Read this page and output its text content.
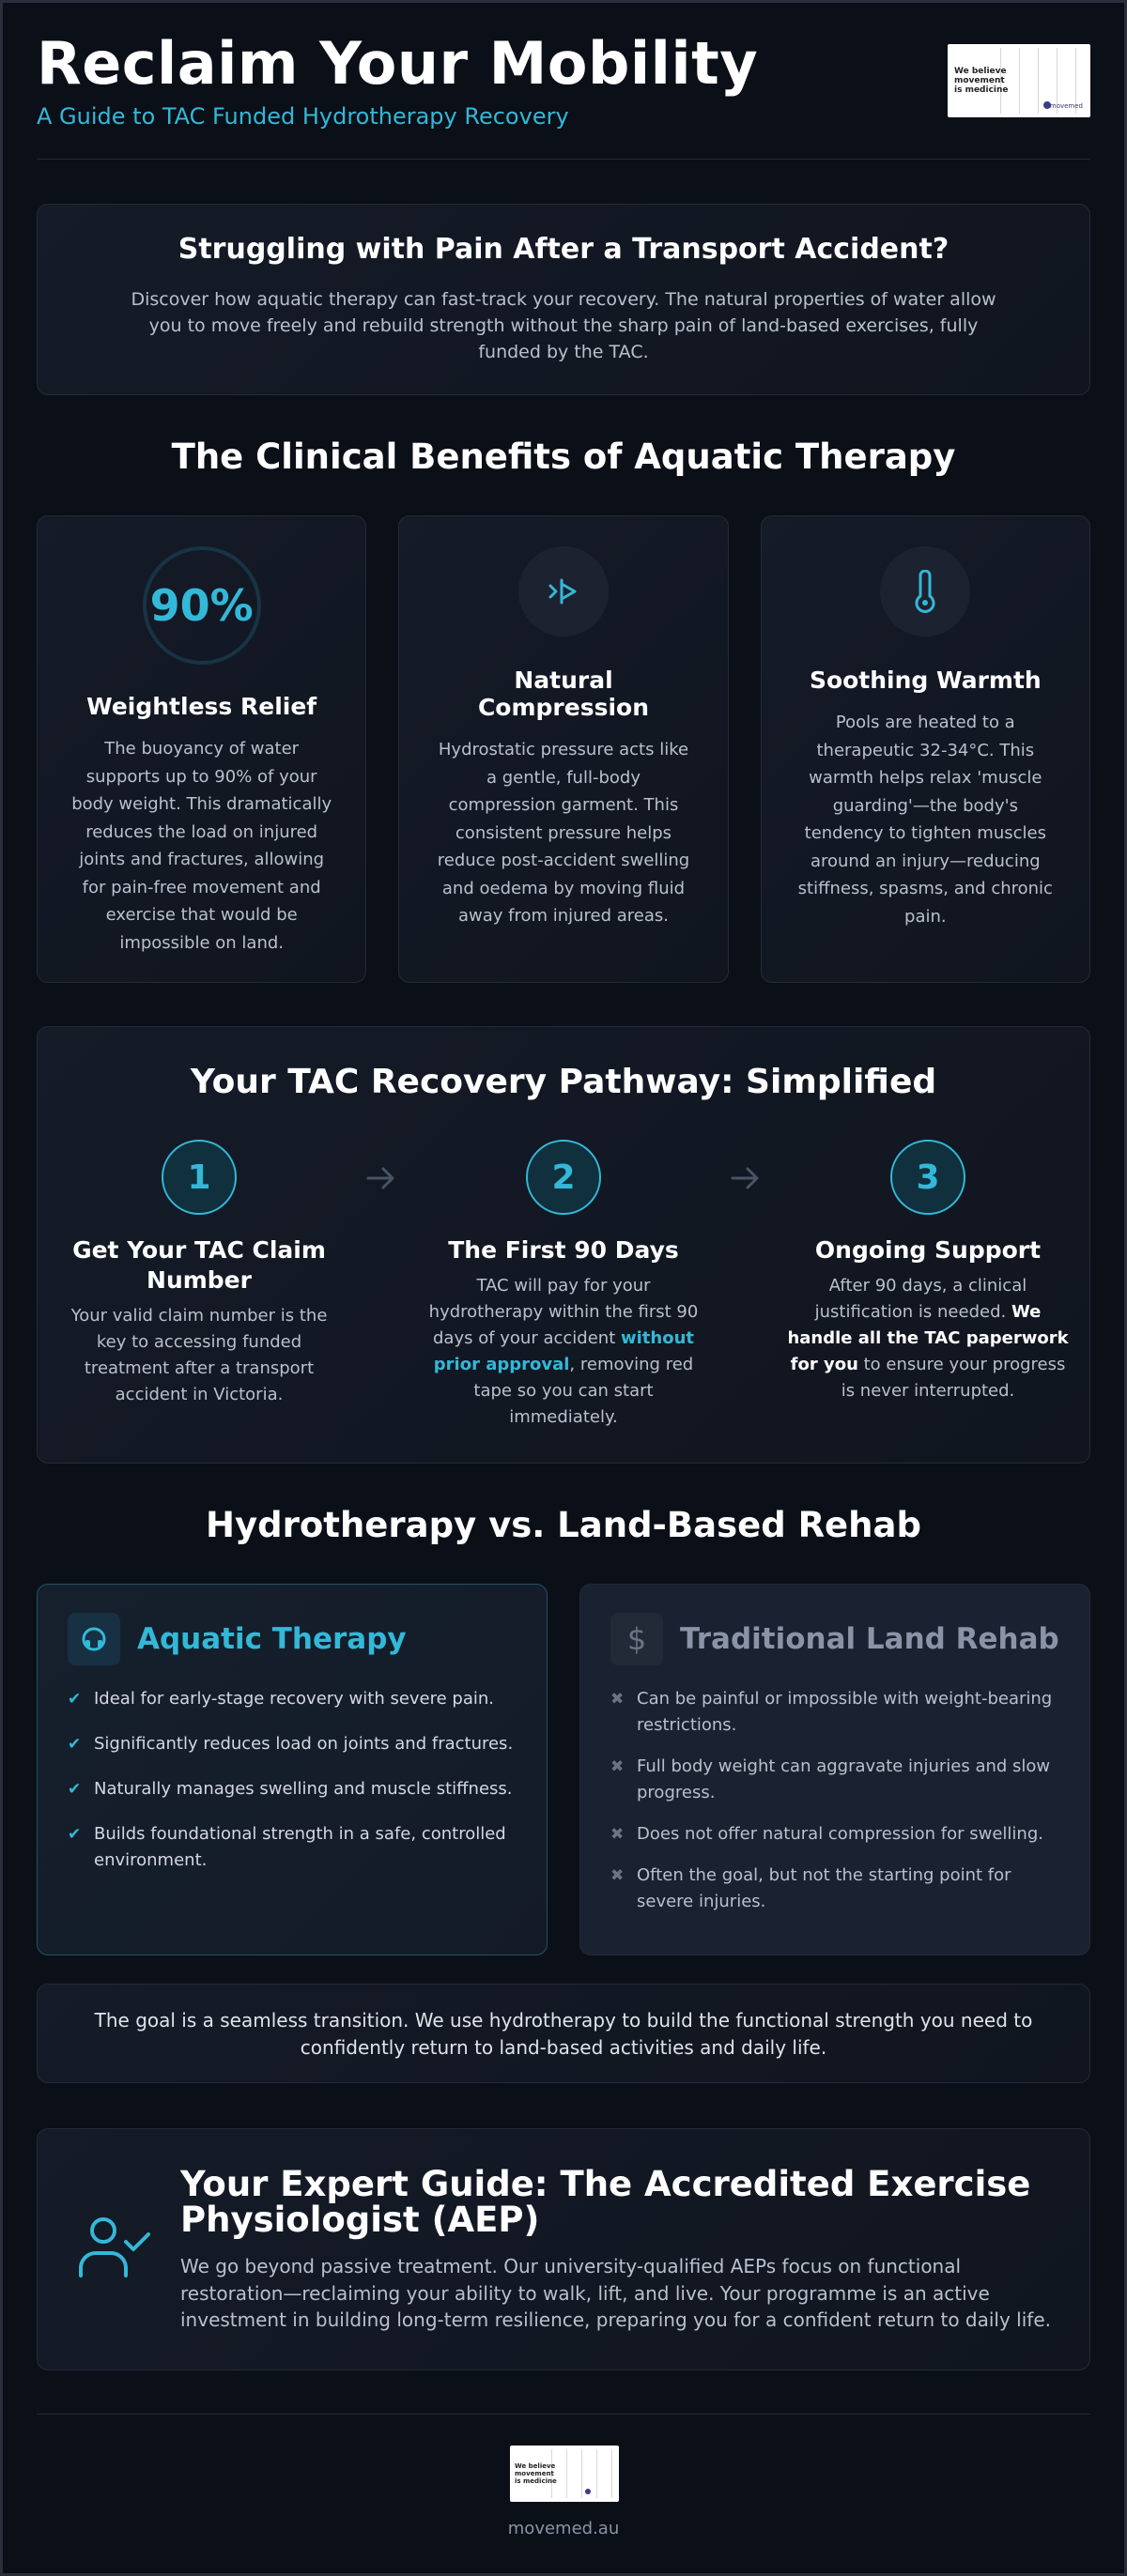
Reclaim Your Mobility
A Guide to TAC Funded Hydrotherapy Recovery
We believe movement is medicine
movemed
Struggling with Pain After a Transport Accident?

Discover how aquatic therapy can fast-track your recovery. The natural properties of water allow you to move freely and rebuild strength without the sharp pain of land-based exercises, fully funded by the TAC.

The Clinical Benefits of Aquatic Therapy
90%
Weightless Relief

The buoyancy of water supports up to 90% of your body weight. This dramatically reduces the load on injured joints and fractures, allowing for pain-free movement and exercise that would be impossible on land.

Natural Compression

Hydrostatic pressure acts like a gentle, full-body compression garment. This consistent pressure helps reduce post-accident swelling and oedema by moving fluid away from injured areas.

Soothing Warmth

Pools are heated to a therapeutic 32-34°C. This warmth helps relax 'muscle guarding'—the body's tendency to tighten muscles around an injury—reducing stiffness, spasms, and chronic pain.

Your TAC Recovery Pathway: Simplified
1
Get Your TAC Claim Number

Your valid claim number is the key to accessing funded treatment after a transport accident in Victoria.

2
The First 90 Days

TAC will pay for your hydrotherapy within the first 90 days of your accident without prior approval, removing red tape so you can start immediately.

3
Ongoing Support

After 90 days, a clinical justification is needed. We handle all the TAC paperwork for you to ensure your progress is never interrupted.

Hydrotherapy vs. Land-Based Rehab
Aquatic Therapy
✔ Ideal for early-stage recovery with severe pain.
✔ Significantly reduces load on joints and fractures.
✔ Naturally manages swelling and muscle stiffness.
✔ Builds foundational strength in a safe, controlled environment.
$ Traditional Land Rehab
✖ Can be painful or impossible with weight-bearing restrictions.
✖ Full body weight can aggravate injuries and slow progress.
✖ Does not offer natural compression for swelling.
✖ Often the goal, but not the starting point for severe injuries.
The goal is a seamless transition. We use hydrotherapy to build the functional strength you need to confidently return to land-based activities and daily life.
Your Expert Guide: The Accredited Exercise Physiologist (AEP)

We go beyond passive treatment. Our university-qualified AEPs focus on functional restoration—reclaiming your ability to walk, lift, and live. Your programme is an active investment in building long-term resilience, preparing you for a confident return to daily life.

We believe movement is medicine
movemed.au
